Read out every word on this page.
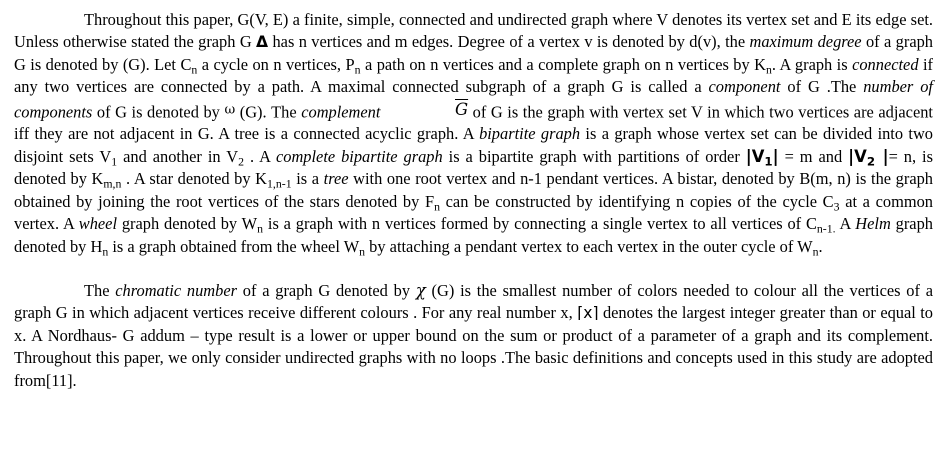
Throughout this paper, G(V, E) a finite, simple, connected and undirected graph where V denotes its vertex set and E its edge set. Unless otherwise stated the graph G Δ has n vertices and m edges. Degree of a vertex v is denoted by d(v), the maximum degree of a graph G is denoted by (G). Let $C_n$ a cycle on n vertices, $P_n$ a path on n vertices and a complete graph on n vertices by $K_n$. A graph is connected if any two vertices are connected by a path. A maximal connected subgraph of a graph G is called a component of G .The number of components of G is denoted by $^\omega$ (G). The complement	$\overline{G}$ of G is the graph with vertex set V in which two vertices are adjacent iff they are not adjacent in G. A tree is a connected acyclic graph. A bipartite graph is a graph whose vertex set can be divided into two disjoint sets $V_1$ and another in $V_2$ . A complete bipartite graph is a bipartite graph with partitions of order $|V_1| = m$ and $|V_2$ |= n, is denoted by $K_{m,n}$ . A star denoted by $K_{1,n-1}$ is a tree with one root vertex and n-1 pendant vertices. A bistar, denoted by B(m, n) is the graph obtained by joining the root vertices of the stars denoted by $F_n$ can be constructed by identifying n copies of the cycle $C_3$ at a common vertex. A wheel graph denoted by $W_n$ is a graph with n vertices formed by connecting a single vertex to all vertices of $C_{n-1.}$ A Helm graph denoted by $H_n$ is a graph obtained from the wheel $W_n$ by attaching a pendant vertex to each vertex in the outer cycle of $W_n$.

The chromatic number of a graph G denoted by χ (G) is the smallest number of colors needed to colour all the vertices of a graph G in which adjacent vertices receive different colours . For any real number x, ⌈x⌉ denotes the largest integer greater than or equal to x. A Nordhaus- G addum – type result is a lower or upper bound on the sum or product of a parameter of a graph and its complement. Throughout this paper, we only consider undirected graphs with no loops .The basic definitions and concepts used in this study are adopted from[11].
